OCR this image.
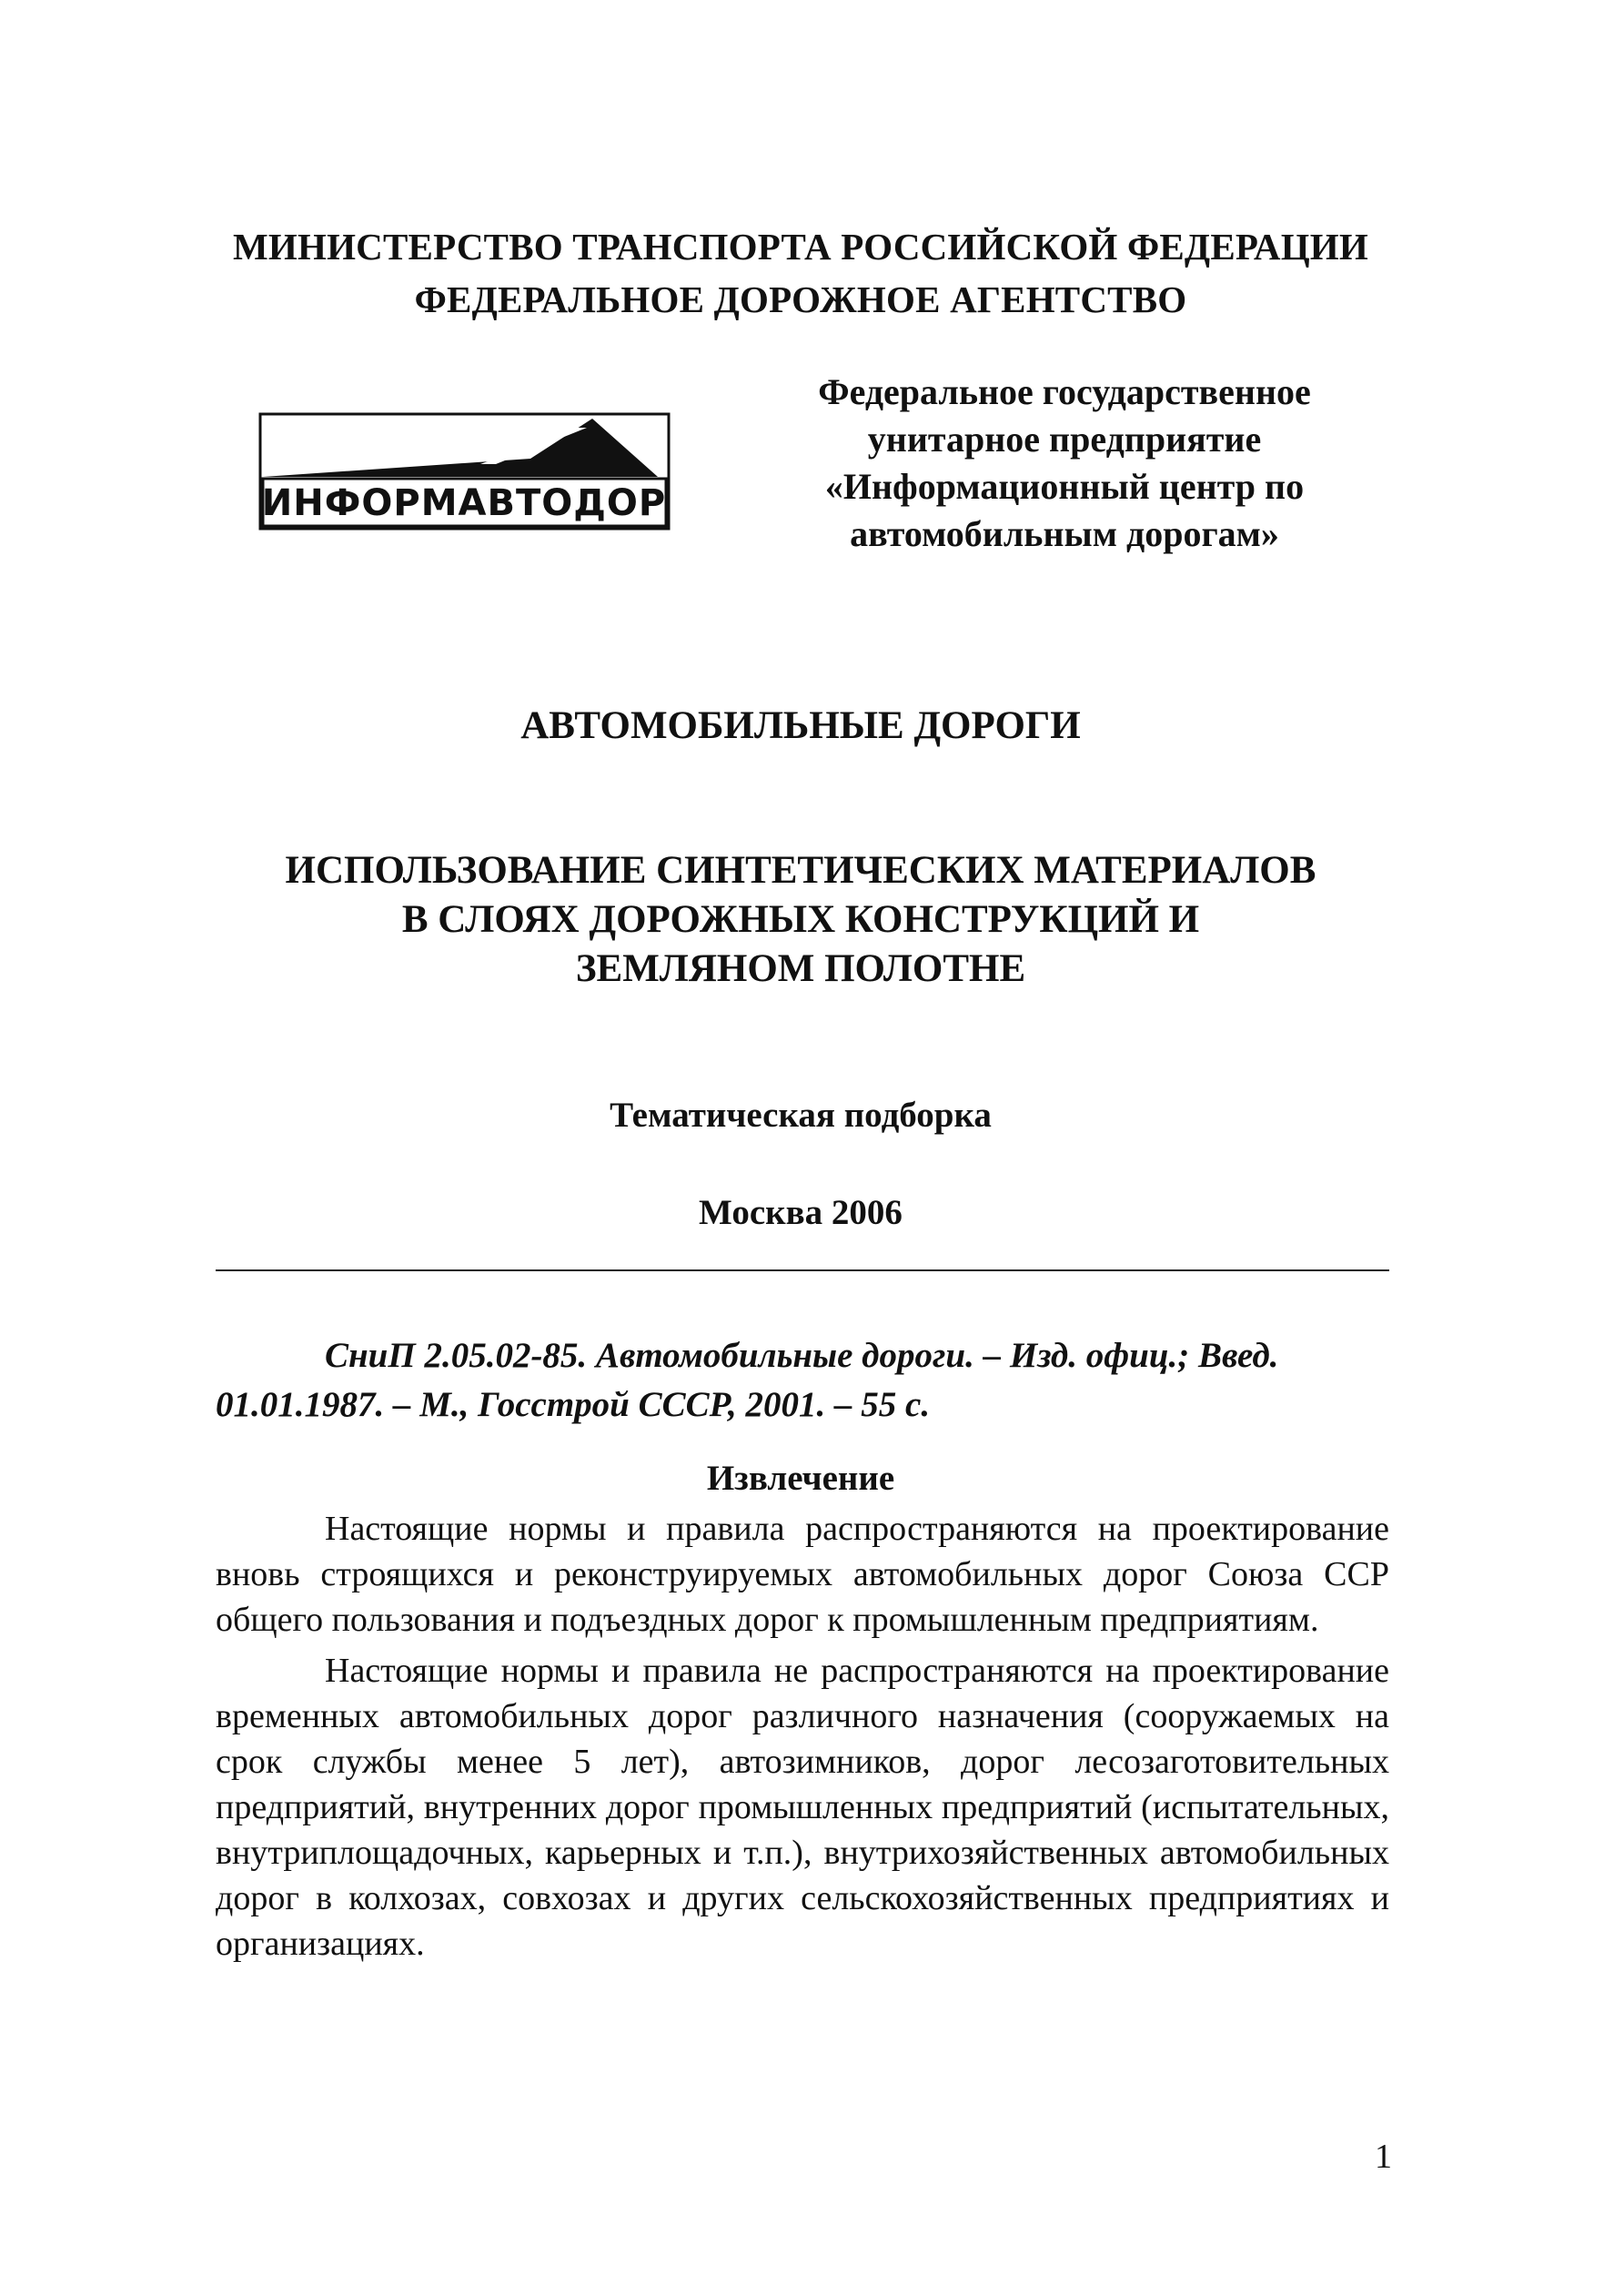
МИНИСТЕРСТВО ТРАНСПОРТА РОССИЙСКОЙ ФЕДЕРАЦИИ
ФЕДЕРАЛЬНОЕ ДОРОЖНОЕ АГЕНТСТВО
ИНФОРМАВТОДОР
Федеральное государственное
унитарное предприятие
«Информационный центр по
автомобильным дорогам»
АВТОМОБИЛЬНЫЕ ДОРОГИ
ИСПОЛЬЗОВАНИЕ СИНТЕТИЧЕСКИХ МАТЕРИАЛОВ
В СЛОЯХ ДОРОЖНЫХ КОНСТРУКЦИЙ И
ЗЕМЛЯНОМ ПОЛОТНЕ
Тематическая подборка
Москва 2006
СниП 2.05.02-85. Автомобильные дороги. – Изд. офиц.; Введ.
01.01.1987. – М., Госстрой СССР, 2001. – 55 с.
Извлечение

Настоящие нормы и правила распространяются на проектирование вновь строящихся и реконструируемых автомобильных дорог Союза ССР общего пользования и подъездных дорог к промышленным предприятиям.

Настоящие нормы и правила не распространяются на проектирование временных автомобильных дорог различного назначения (сооружаемых на срок службы менее 5 лет), автозимников, дорог лесозаготовительных предприятий, внутренних дорог промышленных предприятий (испытательных, внутриплощадочных, карьерных и т.п.), внутрихозяйственных автомобильных дорог в колхозах, совхозах и других сельскохозяйственных предприятиях и организациях.

1
